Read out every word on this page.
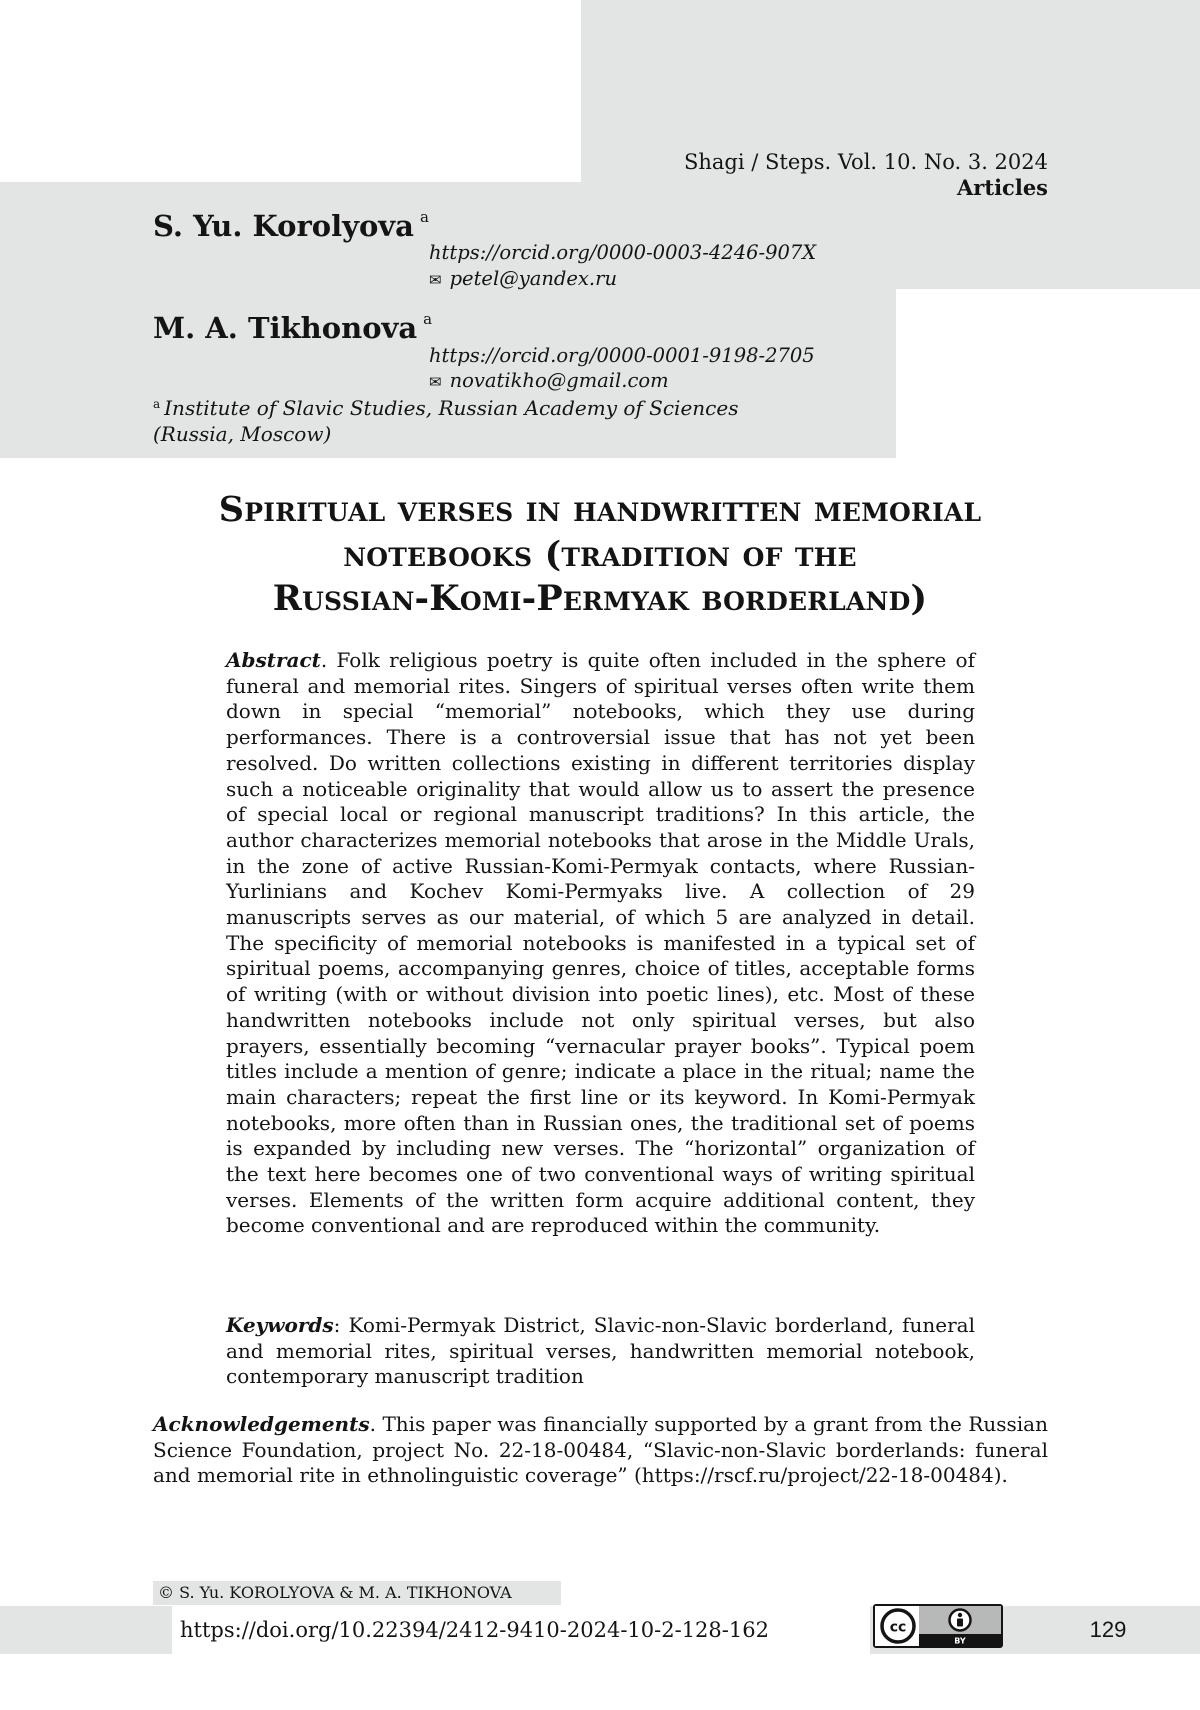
Shagi / Steps. Vol. 10. No. 3. 2024
Articles
S. Yu. Korolyova $^a$
https://orcid.org/0000-0003-4246-907X
✉ petel@yandex.ru
M. A. Tikhonova $^a$
https://orcid.org/0000-0001-9198-2705
✉ novatikho@gmail.com
$^a$ Institute of Slavic Studies, Russian Academy of Sciences
(Russia, Moscow)
Spiritual verses in handwritten memorial
notebooks (tradition of the
Russian-Komi-Permyak borderland)
Abstract. Folk religious poetry is quite often included in the sphere of funeral and memorial rites. Singers of spiritual verses often write them down in special “memorial” notebooks, which they use during performances. There is a controversial issue that has not yet been resolved. Do written collections existing in different territories display such a noticeable originality that would allow us to assert the presence of special local or regional manuscript traditions? In this article, the author characterizes memorial notebooks that arose in the Middle Urals, in the zone of active Russian-Komi-Permyak contacts, where Russian-Yurlinians and Kochev Komi-Permyaks live. A collection of 29 manuscripts serves as our material, of which 5 are analyzed in detail. The specificity of memorial notebooks is manifested in a typical set of spiritual poems, accompanying genres, choice of titles, acceptable forms of writing (with or without division into poetic lines), etc. Most of these handwritten notebooks include not only spiritual verses, but also prayers, essentially becoming “vernacular prayer books”. Typical poem titles include a mention of genre; indicate a place in the ritual; name the main characters; repeat the first line or its keyword. In Komi-Permyak notebooks, more often than in Russian ones, the traditional set of poems is expanded by including new verses. The “horizontal” organization of the text here becomes one of two conventional ways of writing spiritual verses. Elements of the written form acquire additional content, they become conventional and are reproduced within the community.
Keywords: Komi-Permyak District, Slavic-non-Slavic borderland, funeral and memorial rites, spiritual verses, handwritten memorial notebook, contemporary manuscript tradition
Acknowledgements. This paper was financially supported by a grant from the Russian Science Foundation, project No. 22-18-00484, “Slavic-non-Slavic borderlands: funeral and memorial rite in ethnolinguistic coverage” (https://rscf.ru/project/22-18-00484).
© S. Yu. KOROLYOVA & M. A. TIKHONOVA
https://doi.org/10.22394/2412-9410-2024-10-2-128-162	cc
BY	129
